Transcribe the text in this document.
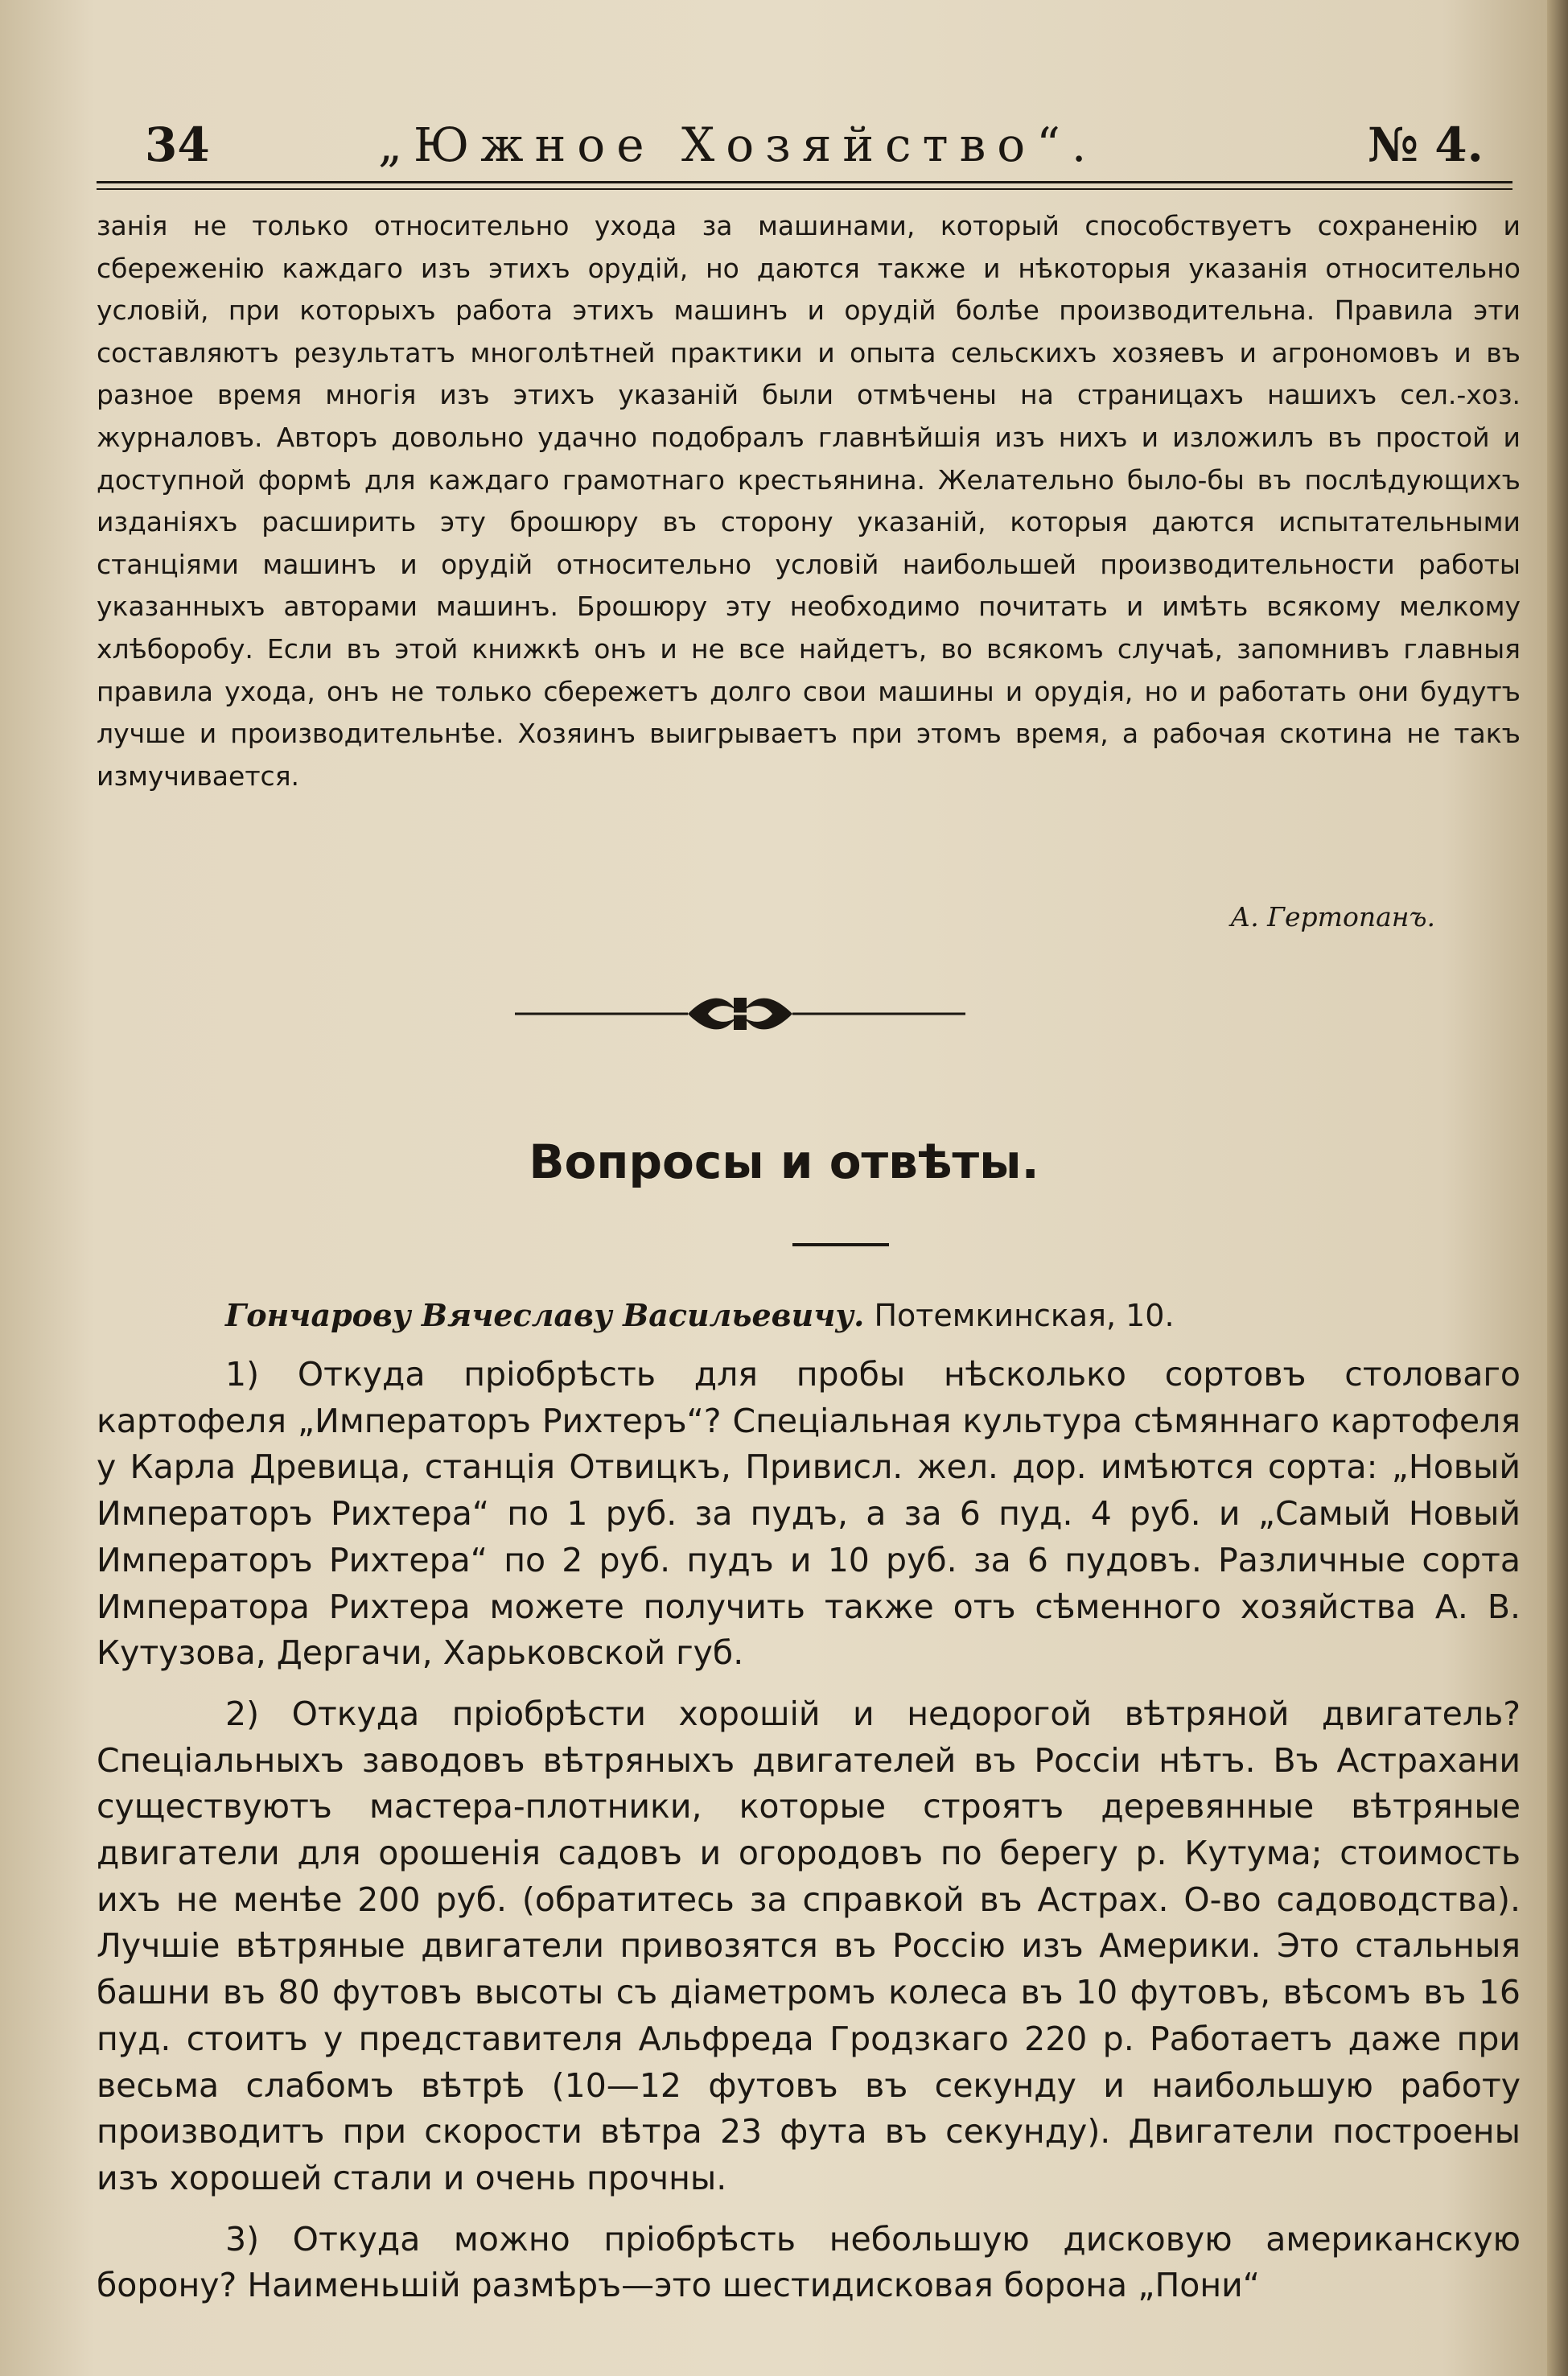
34	„Южное Хозяйство“.	№ 4.

занія не только относительно ухода за машинами, который способствуетъ сохраненію и сбереженію каждаго изъ этихъ орудій, но даются также и нѣкоторыя указанія относительно условій, при которыхъ работа этихъ машинъ и орудій болѣе производительна. Правила эти составляютъ результатъ многолѣтней практики и опыта сельскихъ хозяевъ и агрономовъ и въ разное время многія изъ этихъ указаній были отмѣчены на страницахъ нашихъ сел.-хоз. журналовъ. Авторъ довольно удачно подобралъ главнѣйшія изъ нихъ и изложилъ въ простой и доступной формѣ для каждаго грамотнаго крестьянина. Желательно было-бы въ послѣдующихъ изданіяхъ расширить эту брошюру въ сторону указаній, которыя даются испытательными станціями машинъ и орудій относительно условій наибольшей производительности работы указанныхъ авторами машинъ. Брошюру эту необходимо почитать и имѣть всякому мелкому хлѣборобу. Если въ этой книжкѣ онъ и не все найдетъ, во всякомъ случаѣ, запомнивъ главныя правила ухода, онъ не только сбережетъ долго свои машины и орудія, но и работать они будутъ лучше и производительнѣе. Хозяинъ выигрываетъ при этомъ время, а рабочая скотина не такъ измучивается.

А. Гертопанъ.
Вопросы и отвѣты.
Гончарову Вячеславу Васильевичу. Потемкинская, 10.

1) Откуда пріобрѣсть для пробы нѣсколько сортовъ столоваго картофеля „Императоръ Рихтеръ“? Спеціальная культура сѣмяннаго картофеля у Карла Древица, станція Отвицкъ, Привисл. жел. дор. имѣются сорта: „Новый Императоръ Рихтера“ по 1 руб. за пудъ, а за 6 пуд. 4 руб. и „Самый Новый Императоръ Рихтера“ по 2 руб. пудъ и 10 руб. за 6 пудовъ. Различные сорта Императора Рихтера можете получить также отъ сѣменного хозяйства А. В. Кутузова, Дергачи, Харьковской губ.

2) Откуда пріобрѣсти хорошій и недорогой вѣтряной двигатель? Спеціальныхъ заводовъ вѣтряныхъ двигателей въ Россіи нѣтъ. Въ Астрахани существуютъ мастера-плотники, которые строятъ деревянные вѣтряные двигатели для орошенія садовъ и огородовъ по берегу р. Кутума; стоимость ихъ не менѣе 200 руб. (обратитесь за справкой въ Астрах. О-во садоводства). Лучшіе вѣтряные двигатели привозятся въ Россію изъ Америки. Это стальныя башни въ 80 футовъ высоты съ діаметромъ колеса въ 10 футовъ, вѣсомъ въ 16 пуд. стоитъ у представителя Альфреда Гродзкаго 220 р. Работаетъ даже при весьма слабомъ вѣтрѣ (10—12 футовъ въ секунду и наибольшую работу производитъ при скорости вѣтра 23 фута въ секунду). Двигатели построены изъ хорошей стали и очень прочны.

3) Откуда можно пріобрѣсть небольшую дисковую американскую борону? Наименьшій размѣръ—это шестидисковая борона „Пони“
